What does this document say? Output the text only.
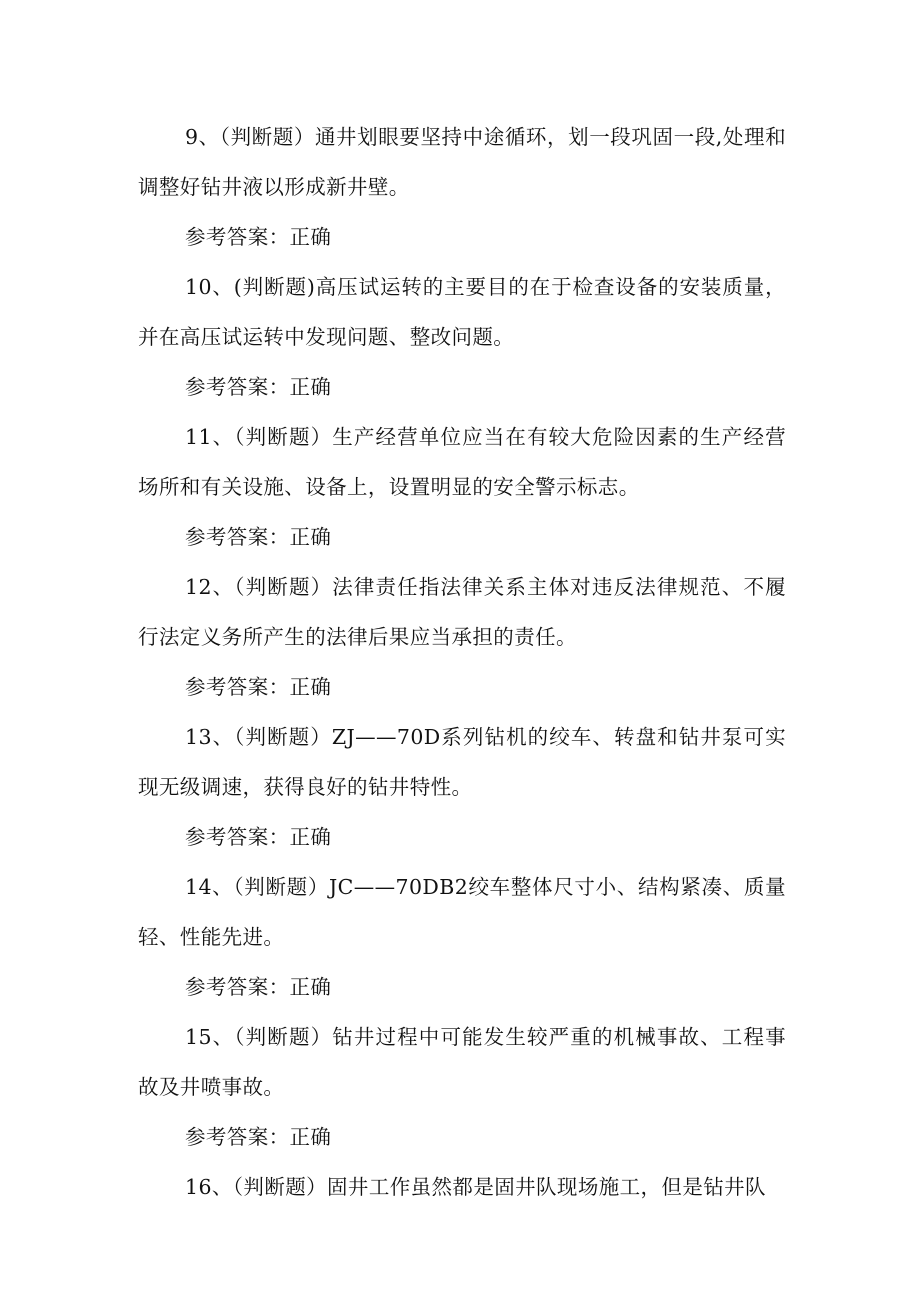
9、（判断题）通井划眼要坚持中途循环，划一段巩固一段,处理和调整好钻井液以形成新井壁。

参考答案：正确

10、(判断题)高压试运转的主要目的在于检查设备的安装质量，并在高压试运转中发现问题、整改问题。

参考答案：正确

11、（判断题）生产经营单位应当在有较大危险因素的生产经营场所和有关设施、设备上，设置明显的安全警示标志。

参考答案：正确

12、（判断题）法律责任指法律关系主体对违反法律规范、不履行法定义务所产生的法律后果应当承担的责任。

参考答案：正确

13、（判断题）ZJ——70D系列钻机的绞车、转盘和钻井泵可实现无级调速，获得良好的钻井特性。

参考答案：正确

14、（判断题）JC——70DB2绞车整体尺寸小、结构紧凑、质量轻、性能先进。

参考答案：正确

15、（判断题）钻井过程中可能发生较严重的机械事故、工程事故及井喷事故。

参考答案：正确

16、（判断题）固井工作虽然都是固井队现场施工，但是钻井队
